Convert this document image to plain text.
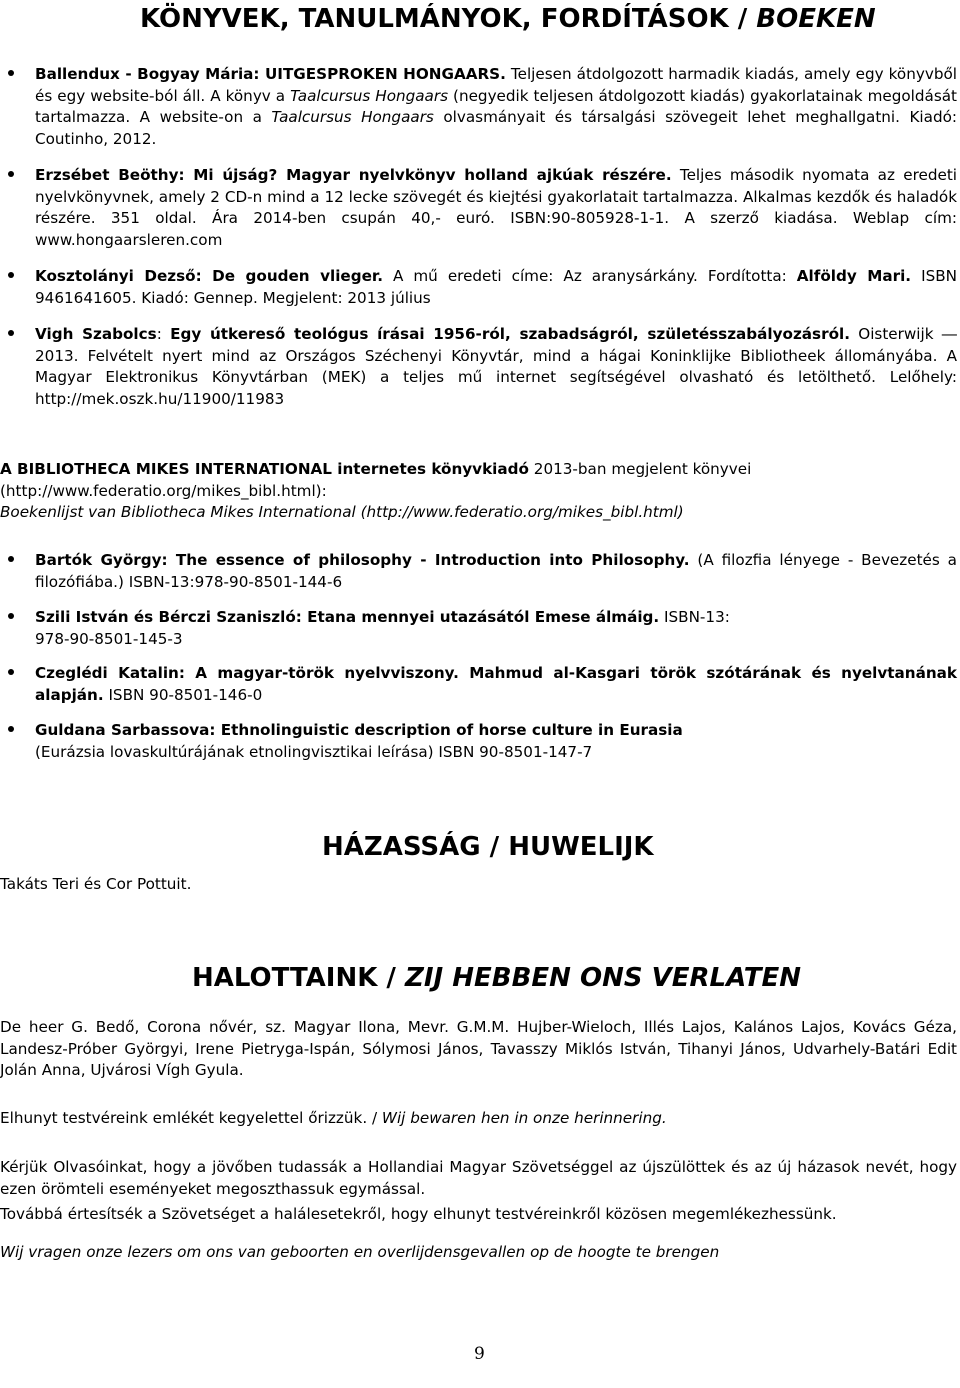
KÖNYVEK, TANULMÁNYOK, FORDÍTÁSOK / BOEKEN
Ballendux - Bogyay Mária: UITGESPROKEN HONGAARS. Teljesen átdolgozott harmadik kiadás, amely egy könyvből és egy website-ból áll. A könyv a Taalcursus Hongaars (negyedik teljesen átdolgozott kiadás) gyakorlatainak megoldását tartalmazza. A website-on a Taalcursus Hongaars olvasmányait és társalgási szövegeit lehet meghallgatni. Kiadó: Coutinho, 2012.
Erzsébet Beöthy: Mi újság? Magyar nyelvkönyv holland ajkúak részére. Teljes második nyomata az eredeti nyelvkönyvnek, amely 2 CD-n mind a 12 lecke szövegét és kiejtési gyakorlatait tartalmazza. Alkalmas kezdők és haladók részére. 351 oldal. Ára 2014-ben csupán 40,- euró. ISBN:90-805928-1-1. A szerző kiadása. Weblap cím: www.hongaarsleren.com
Kosztolányi Dezső: De gouden vlieger. A mű eredeti címe: Az aranysárkány. Fordította: Alföldy Mari. ISBN 9461641605. Kiadó: Gennep. Megjelent: 2013 július
Vigh Szabolcs: Egy útkereső teológus írásai 1956-ról, szabadságról, születésszabályozásról. Oisterwijk ― 2013. Felvételt nyert mind az Országos Széchenyi Könyvtár, mind a hágai Koninklijke Bibliotheek állományába. A Magyar Elektronikus Könyvtárban (MEK) a teljes mű internet segítségével olvasható és letölthető. Lelőhely: http://mek.oszk.hu/11900/11983
A BIBLIOTHECA MIKES INTERNATIONAL internetes könyvkiadó 2013-ban megjelent könyvei (http://www.federatio.org/mikes_bibl.html):
Boekenlijst van Bibliotheca Mikes International (http://www.federatio.org/mikes_bibl.html)
Bartók György: The essence of philosophy - Introduction into Philosophy. (A filozfia lényege - Bevezetés a filozófiába.) ISBN-13:978-90-8501-144-6
Szili István és Bérczi Szaniszló: Etana mennyei utazásától Emese álmáig. ISBN-13: 978-90-8501-145-3
Czeglédi Katalin: A magyar-török nyelvviszony. Mahmud al-Kasgari török szótárának és nyelvtanának alapján. ISBN 90-8501-146-0
Guldana Sarbassova: Ethnolinguistic description of horse culture in Eurasia (Eurázsia lovaskultúrájának etnolingvisztikai leírása) ISBN 90-8501-147-7
HÁZASSÁG / HUWELIJK
Takáts Teri és Cor Pottuit.
HALOTTAINK / ZIJ HEBBEN ONS VERLATEN
De heer G. Bedő, Corona nővér, sz. Magyar Ilona, Mevr. G.M.M. Hujber-Wieloch, Illés Lajos, Kalános Lajos, Kovács Géza, Landesz-Próber Györgyi, Irene Pietryga-Ispán, Sólymosi János, Tavasszy Miklós István, Tihanyi János, Udvarhely-Batári Edit Jolán Anna, Ujvárosi Vígh Gyula.
Elhunyt testvéreink emlékét kegyelettel őrizzük. / Wij bewaren hen in onze herinnering.
Kérjük Olvasóinkat, hogy a jövőben tudassák a Hollandiai Magyar Szövetséggel az újszülöttek és az új házasok nevét, hogy ezen örömteli eseményeket megoszthassuk egymással.
Továbbá értesítsék a Szövetséget a halálesetekről, hogy elhunyt testvéreinkről közösen megemlékezhessünk.
Wij vragen onze lezers om ons van geboorten en overlijdensgevallen op de hoogte te brengen
9
